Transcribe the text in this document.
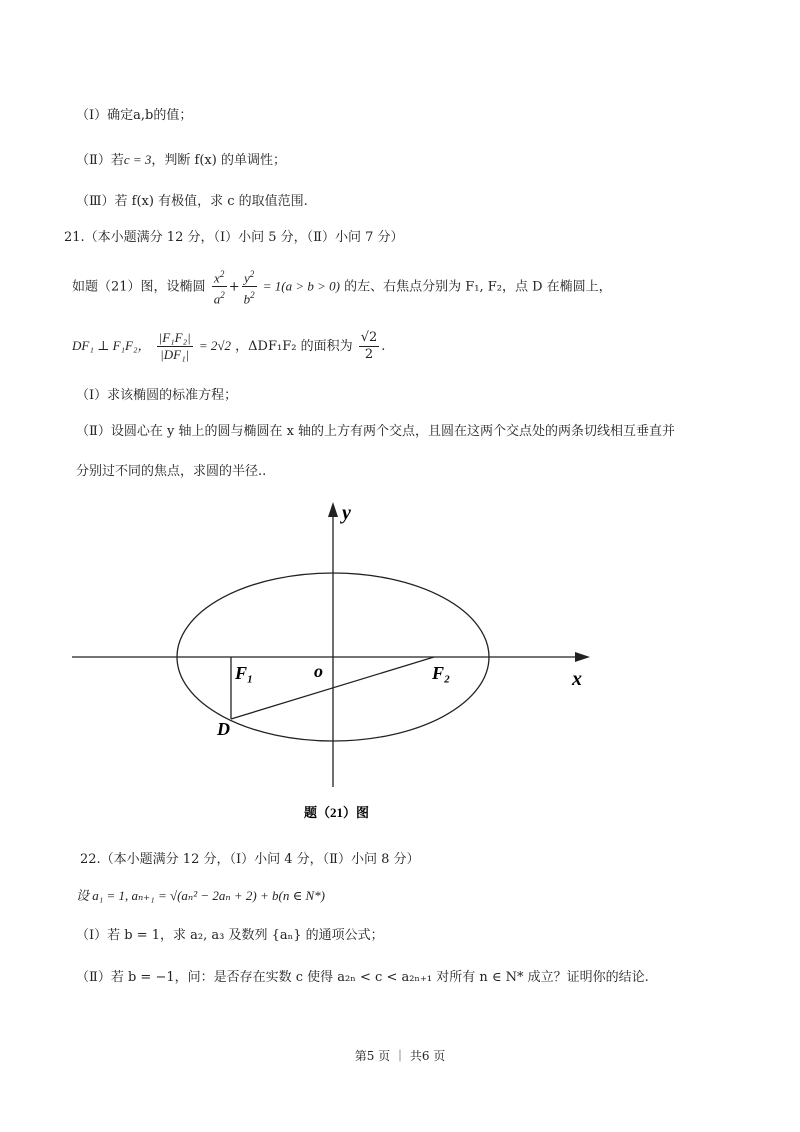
（Ⅰ）确定a,b的值；
（Ⅱ）若c = 3，判断 f(x) 的单调性；
（Ⅲ）若 f(x) 有极值，求 c 的取值范围.
21.（本小题满分 12 分，（Ⅰ）小问 5 分，（Ⅱ）小问 7 分）
如题（21）图，设椭圆 $\frac{x^2}{a^2} + \frac{y^2}{b^2} = 1(a > b > 0)$ 的左、右焦点分别为 F₁, F₂，点 D 在椭圆上，
DF₁ ⊥ F₁F₂， $\frac{\text{|F₁F₂|}}{\text{|DF₁|}} = 2√2$ ，ΔDF₁F₂ 的面积为 $\frac{√2}{2}$ .
（Ⅰ）求该椭圆的标准方程；
（Ⅱ）设圆心在 y 轴上的圆与椭圆在 x 轴的上方有两个交点，且圆在这两个交点处的两条切线相互垂直并
分别过不同的焦点，求圆的半径..
y
x
o
F₁	F₂
D
题（21）图
22.（本小题满分 12 分，（Ⅰ）小问 4 分，（Ⅱ）小问 8 分）
设 a₁ = 1, aₙ₊₁ = √(aₙ² − 2aₙ + 2) + b(n ∈ N*)
（Ⅰ）若 b = 1，求 a₂, a₃ 及数列 {aₙ} 的通项公式；
（Ⅱ）若 b = −1，问：是否存在实数 c 使得 a₂ₙ < c < a₂ₙ₊₁ 对所有 n ∈ N* 成立？证明你的结论.
第5 页 ｜ 共6 页
